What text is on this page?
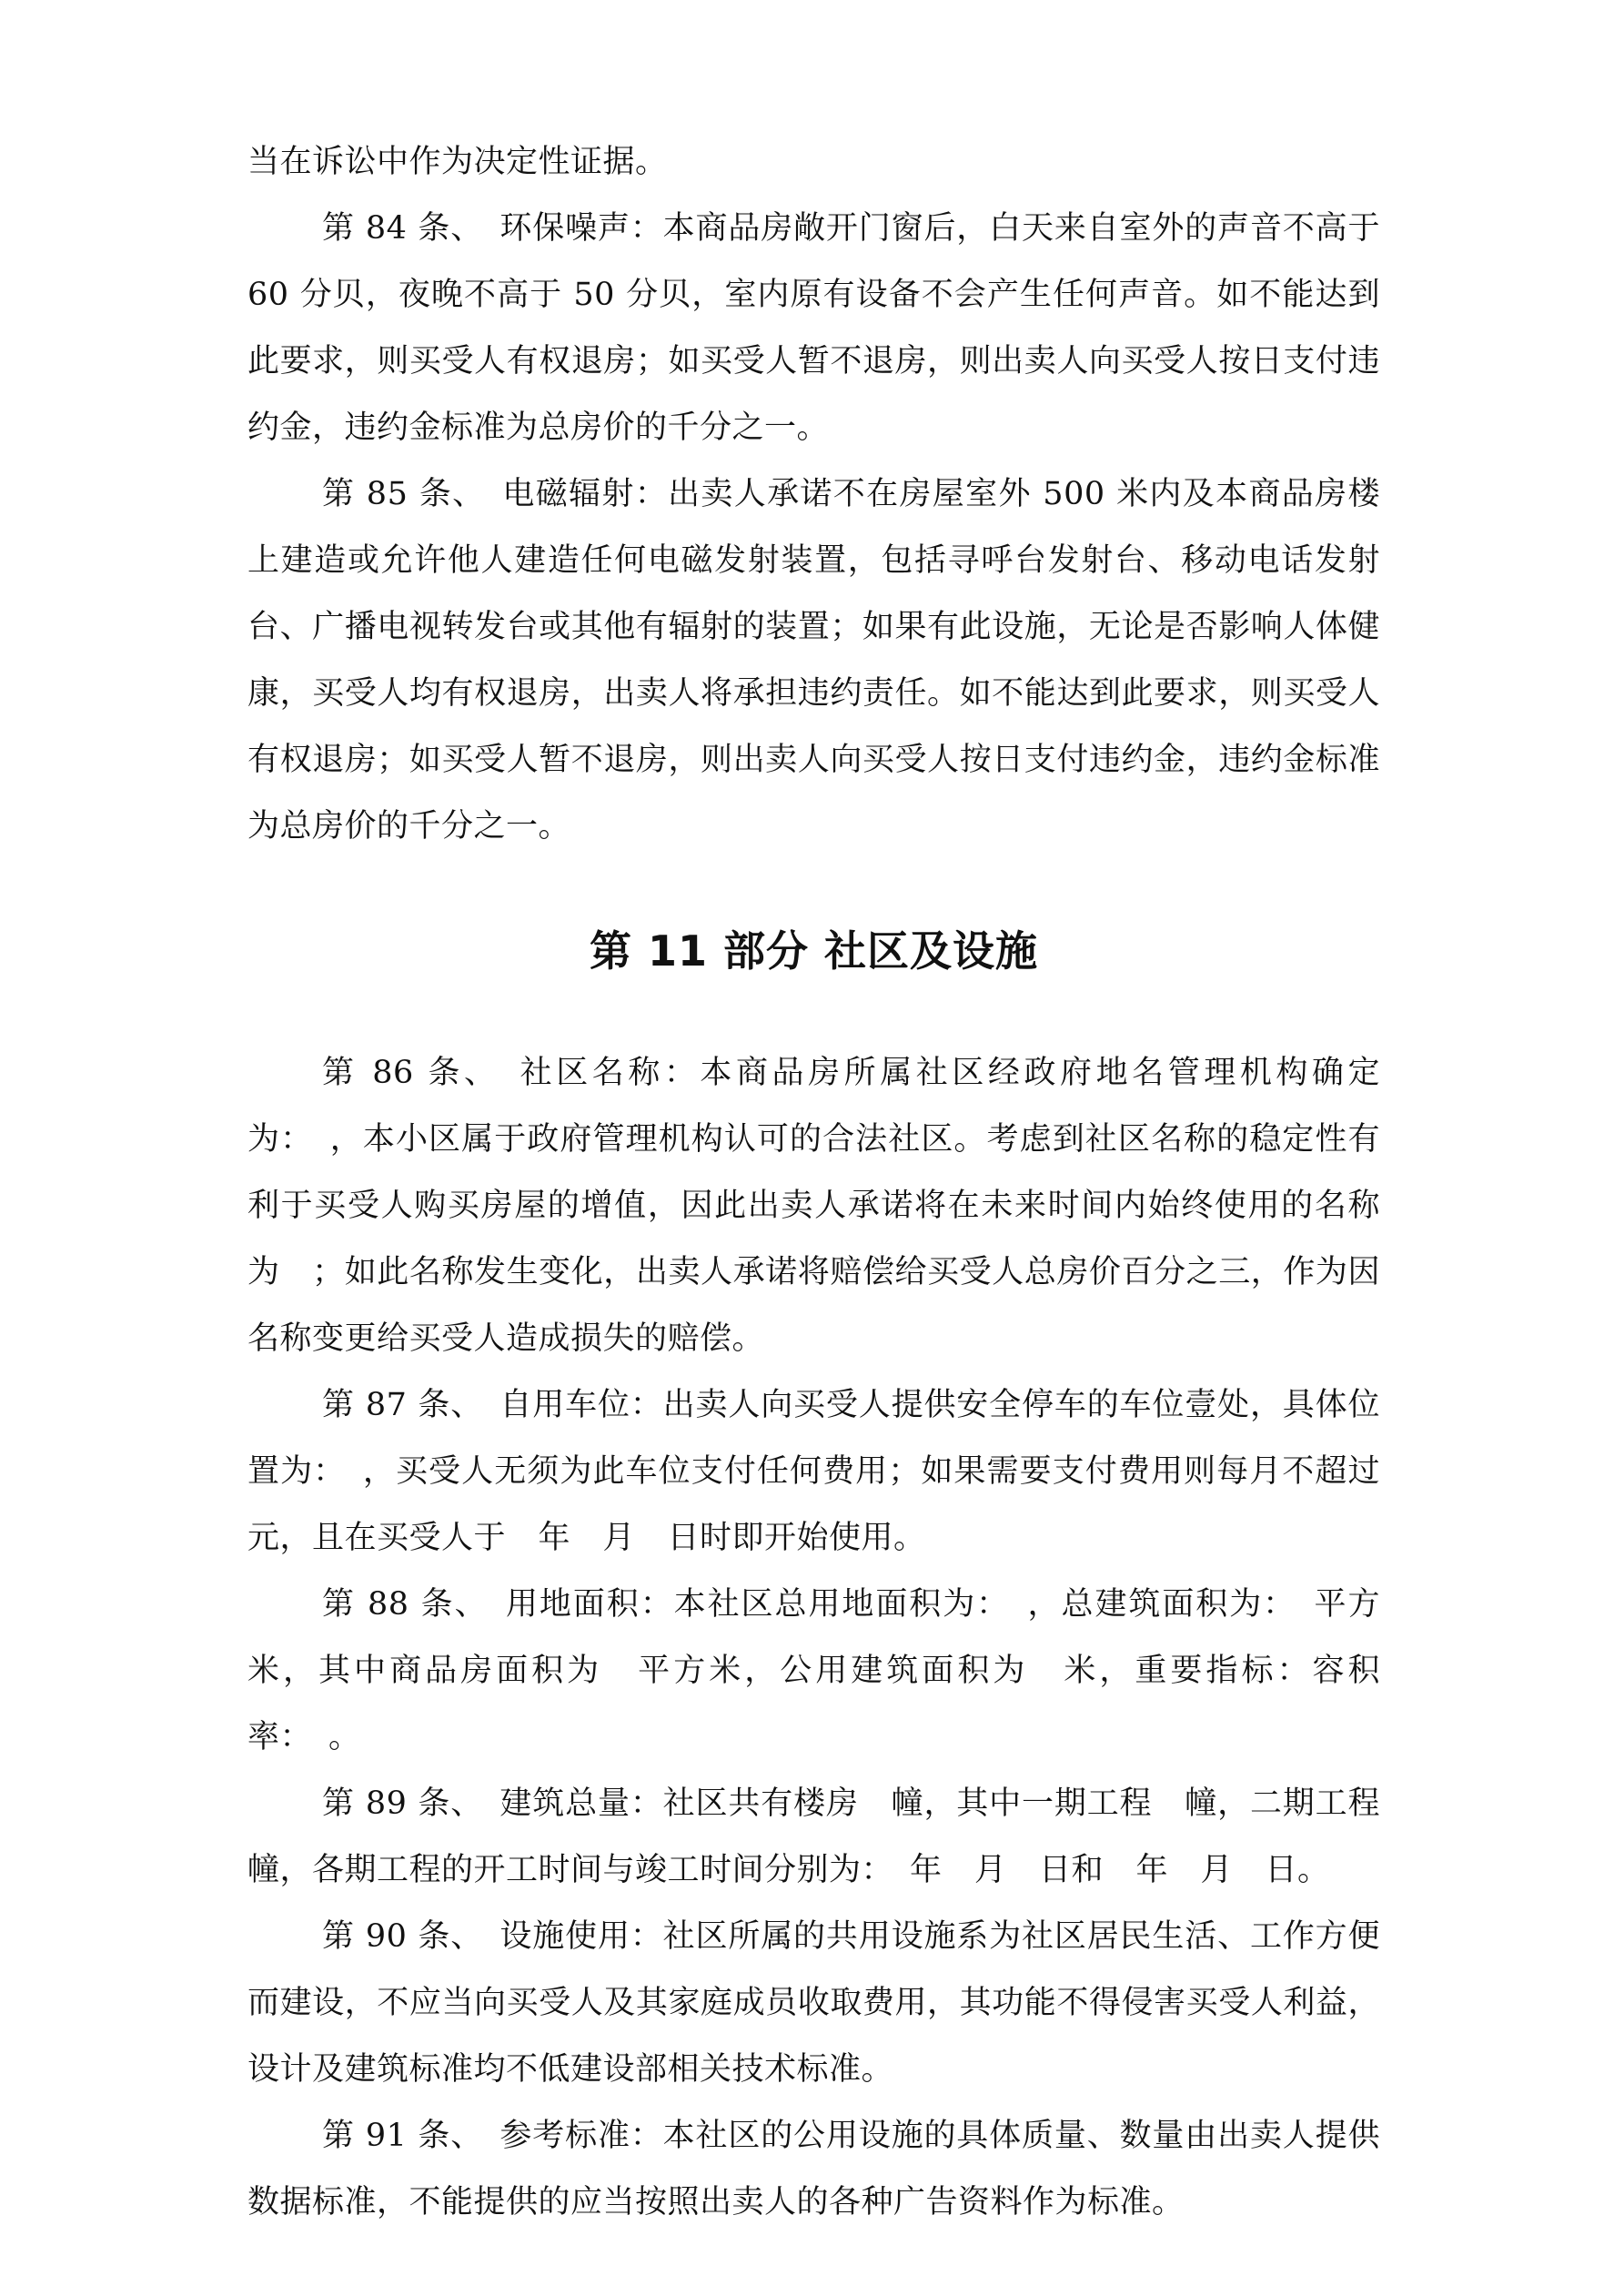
当在诉讼中作为决定性证据。

第 84 条、　环保噪声：本商品房敞开门窗后，白天来自室外的声音不高于 60 分贝，夜晚不高于 50 分贝，室内原有设备不会产生任何声音。如不能达到此要求，则买受人有权退房；如买受人暂不退房，则出卖人向买受人按日支付违约金，违约金标准为总房价的千分之一。

第 85 条、　电磁辐射：出卖人承诺不在房屋室外 500 米内及本商品房楼上建造或允许他人建造任何电磁发射装置，包括寻呼台发射台、移动电话发射台、广播电视转发台或其他有辐射的装置；如果有此设施，无论是否影响人体健康，买受人均有权退房，出卖人将承担违约责任。如不能达到此要求，则买受人有权退房；如买受人暂不退房，则出卖人向买受人按日支付违约金，违约金标准为总房价的千分之一。

第 11 部分 社区及设施

第 86 条、　社区名称：本商品房所属社区经政府地名管理机构确定为：　，本小区属于政府管理机构认可的合法社区。考虑到社区名称的稳定性有利于买受人购买房屋的增值，因此出卖人承诺将在未来时间内始终使用的名称为　；如此名称发生变化，出卖人承诺将赔偿给买受人总房价百分之三，作为因名称变更给买受人造成损失的赔偿。

第 87 条、　自用车位：出卖人向买受人提供安全停车的车位壹处，具体位置为：　，买受人无须为此车位支付任何费用；如果需要支付费用则每月不超过元，且在买受人于　年　月　日时即开始使用。

第 88 条、　用地面积：本社区总用地面积为：　，总建筑面积为：　平方米，其中商品房面积为　平方米，公用建筑面积为　米，重要指标：容积率：　。

第 89 条、　建筑总量：社区共有楼房　幢，其中一期工程　幢，二期工程　幢，各期工程的开工时间与竣工时间分别为：　年　月　日和　年　月　日。

第 90 条、　设施使用：社区所属的共用设施系为社区居民生活、工作方便而建设，不应当向买受人及其家庭成员收取费用，其功能不得侵害买受人利益，设计及建筑标准均不低建设部相关技术标准。

第 91 条、　参考标准：本社区的公用设施的具体质量、数量由出卖人提供数据标准，不能提供的应当按照出卖人的各种广告资料作为标准。
